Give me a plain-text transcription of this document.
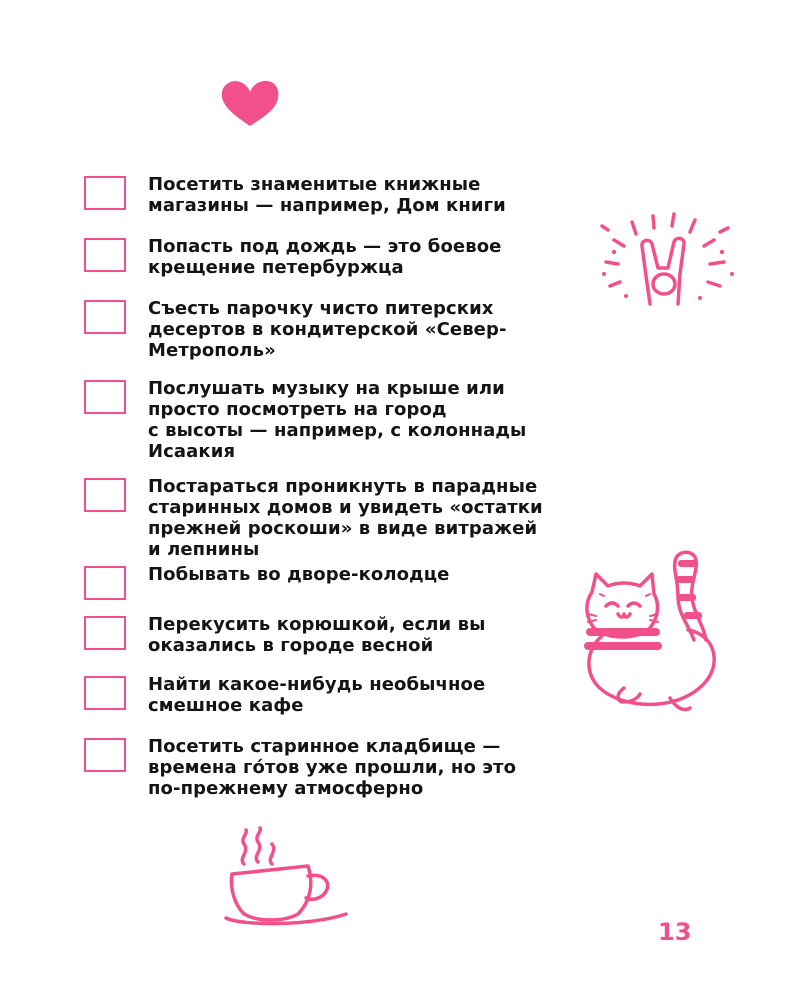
Посетить знаменитые книжные
магазины — например, Дом книги
Попасть под дождь — это боевое
крещение петербуржца
Съесть парочку чисто питерских
десертов в кондитерской «Север-
Метрополь»
Послушать музыку на крыше или
просто посмотреть на город
с высоты — например, с колоннады
Исаакия
Постараться проникнуть в парадные
старинных домов и увидеть «остатки
прежней роскоши» в виде витражей
и лепнины
Побывать во дворе-колодце
Перекусить корюшкой, если вы
оказались в городе весной
Найти какое-нибудь необычное
смешное кафе
Посетить старинное кладбище —
времена гóтов уже прошли, но это
по-прежнему атмосферно
13
